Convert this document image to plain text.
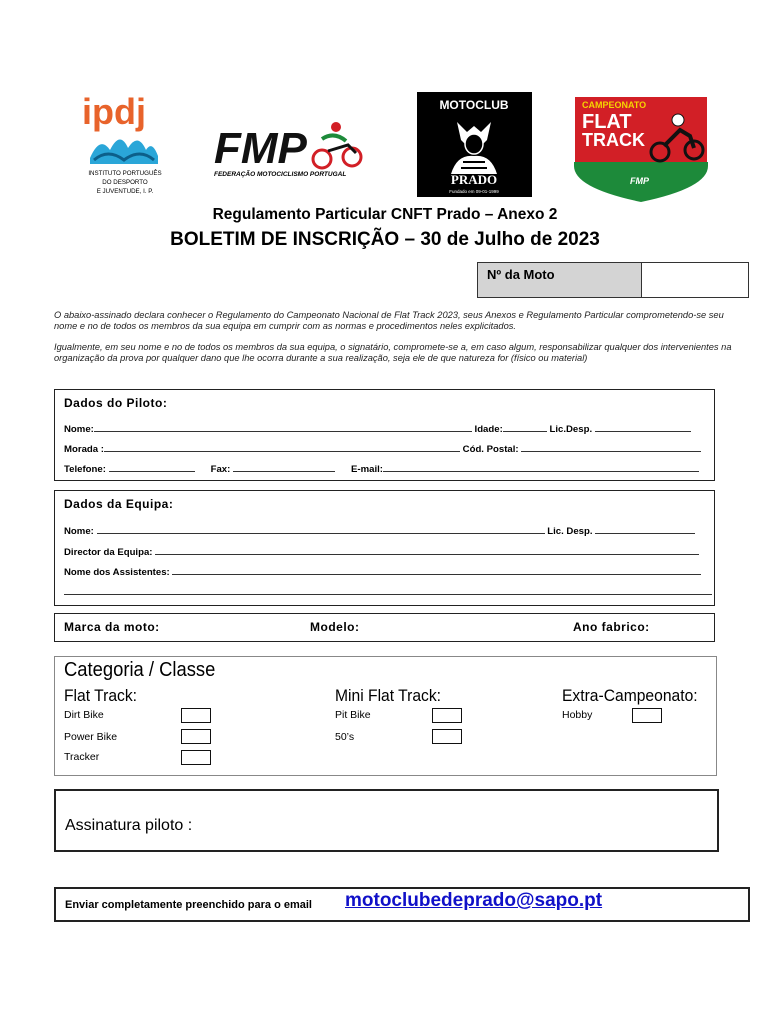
ipdj
INSTITUTO PORTUGUÊS
DO DESPORTO
E JUVENTUDE, I. P.
FMP
FEDERAÇÃO MOTOCICLISMO PORTUGAL
MOTOCLUB
PRADO
Fundado em 09-01-1999
CAMPEONATO
FLAT
TRACK
FMP
Regulamento Particular CNFT Prado – Anexo 2
BOLETIM DE INSCRIÇÃO – 30 de Julho de 2023
Nº da Moto
O abaixo-assinado declara conhecer o Regulamento do Campeonato Nacional de Flat Track 2023, seus Anexos e Regulamento Particular comprometendo-se seu nome e no de todos os membros da sua equipa em cumprir com as normas e procedimentos neles explicitados.
Igualmente, em seu nome e no de todos os membros da sua equipa, o signatário, compromete-se a, em caso algum, responsabilizar qualquer dos intervenientes na organização da prova por qualquer dano que lhe ocorra durante a sua realização, seja ele de que natureza for (físico ou material)
Dados do Piloto:
Nome:	Idade:	Lic.Desp.
Morada :	Cód. Postal:
Telefone:	Fax:	E-mail:
Dados da Equipa:
Nome:	Lic. Desp.
Director da Equipa:
Nome dos Assistentes:
Marca da moto:	Modelo:	Ano fabrico:
Categoria / Classe
Flat Track:
Dirt Bike
Power Bike
Tracker
Mini Flat Track:
Pit Bike
50’s
Extra-Campeonato:
Hobby
Assinatura piloto :
Enviar completamente preenchido para o email motoclubedeprado@sapo.pt
